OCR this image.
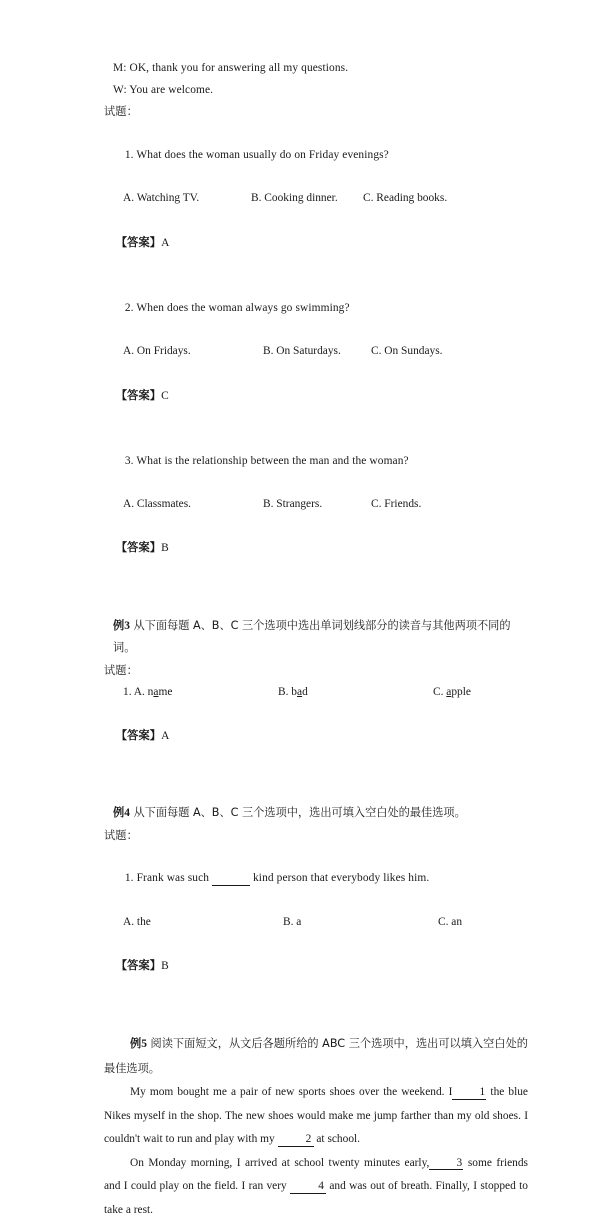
M: OK, thank you for answering all my questions.
W: You are welcome.
试题：

1. What does the woman usually do on Friday evenings?

A. Watching TV.	B. Cooking dinner.	C. Reading books.

【答案】A

2. When does the woman always go swimming?

A. On Fridays.	B. On Saturdays.	C. On Sundays.

【答案】C

3. What is the relationship between the man and the woman?

A. Classmates.	B. Strangers.	C. Friends.

【答案】B

例3 从下面每题 A、B、C 三个选项中选出单词划线部分的读音与其他两项不同的词。
试题：
1. A. name	B. bad	C. apple

【答案】A

例4 从下面每题 A、B、C 三个选项中，选出可填入空白处的最佳选项。
试题：

1. Frank was such	kind person that everybody likes him.

A. the	B. a	C. an

【答案】B

例5 阅读下面短文，从文后各题所给的 ABC 三个选项中，选出可以填入空白处的最佳选项。

My mom bought me a pair of new sports shoes over the weekend. I 1 the blue Nikes myself in the shop. The new shoes would make me jump farther than my old shoes. I couldn't wait to run and play with my 2 at school.

On Monday morning, I arrived at school twenty minutes early, 3 some friends and I could play on the field. I ran very 4 and was out of breath. Finally, I stopped to take a rest.
